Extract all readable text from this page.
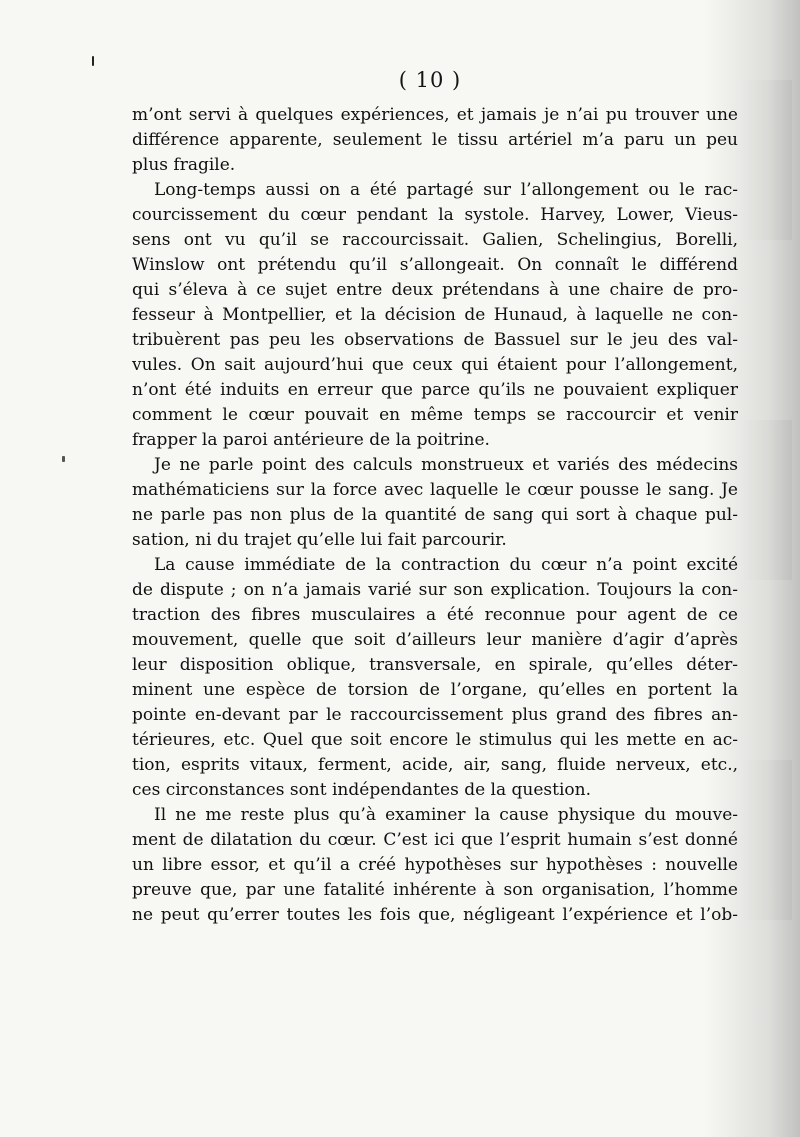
( 10 )
m’ont servi à quelques expériences, et jamais je n’ai pu trouver une
différence apparente, seulement le tissu artériel m’a paru un peu
plus fragile.
Long-temps aussi on a été partagé sur l’allongement ou le rac-
courcissement du cœur pendant la systole. Harvey, Lower, Vieus-
sens ont vu qu’il se raccourcissait. Galien, Schelingius, Borelli,
Winslow ont prétendu qu’il s’allongeait. On connaît le différend
qui s’éleva à ce sujet entre deux prétendans à une chaire de pro-
fesseur à Montpellier, et la décision de Hunaud, à laquelle ne con-
tribuèrent pas peu les observations de Bassuel sur le jeu des val-
vules. On sait aujourd’hui que ceux qui étaient pour l’allongement,
n’ont été induits en erreur que parce qu’ils ne pouvaient expliquer
comment le cœur pouvait en même temps se raccourcir et venir
frapper la paroi antérieure de la poitrine.
Je ne parle point des calculs monstrueux et variés des médecins
mathématiciens sur la force avec laquelle le cœur pousse le sang. Je
ne parle pas non plus de la quantité de sang qui sort à chaque pul-
sation, ni du trajet qu’elle lui fait parcourir.
La cause immédiate de la contraction du cœur n’a point excité
de dispute ; on n’a jamais varié sur son explication. Toujours la con-
traction des fibres musculaires a été reconnue pour agent de ce
mouvement, quelle que soit d’ailleurs leur manière d’agir d’après
leur disposition oblique, transversale, en spirale, qu’elles déter-
minent une espèce de torsion de l’organe, qu’elles en portent la
pointe en-devant par le raccourcissement plus grand des fibres an-
térieures, etc. Quel que soit encore le stimulus qui les mette en ac-
tion, esprits vitaux, ferment, acide, air, sang, fluide nerveux, etc.,
ces circonstances sont indépendantes de la question.
Il ne me reste plus qu’à examiner la cause physique du mouve-
ment de dilatation du cœur. C’est ici que l’esprit humain s’est donné
un libre essor, et qu’il a créé hypothèses sur hypothèses : nouvelle
preuve que, par une fatalité inhérente à son organisation, l’homme
ne peut qu’errer toutes les fois que, négligeant l’expérience et l’ob-
